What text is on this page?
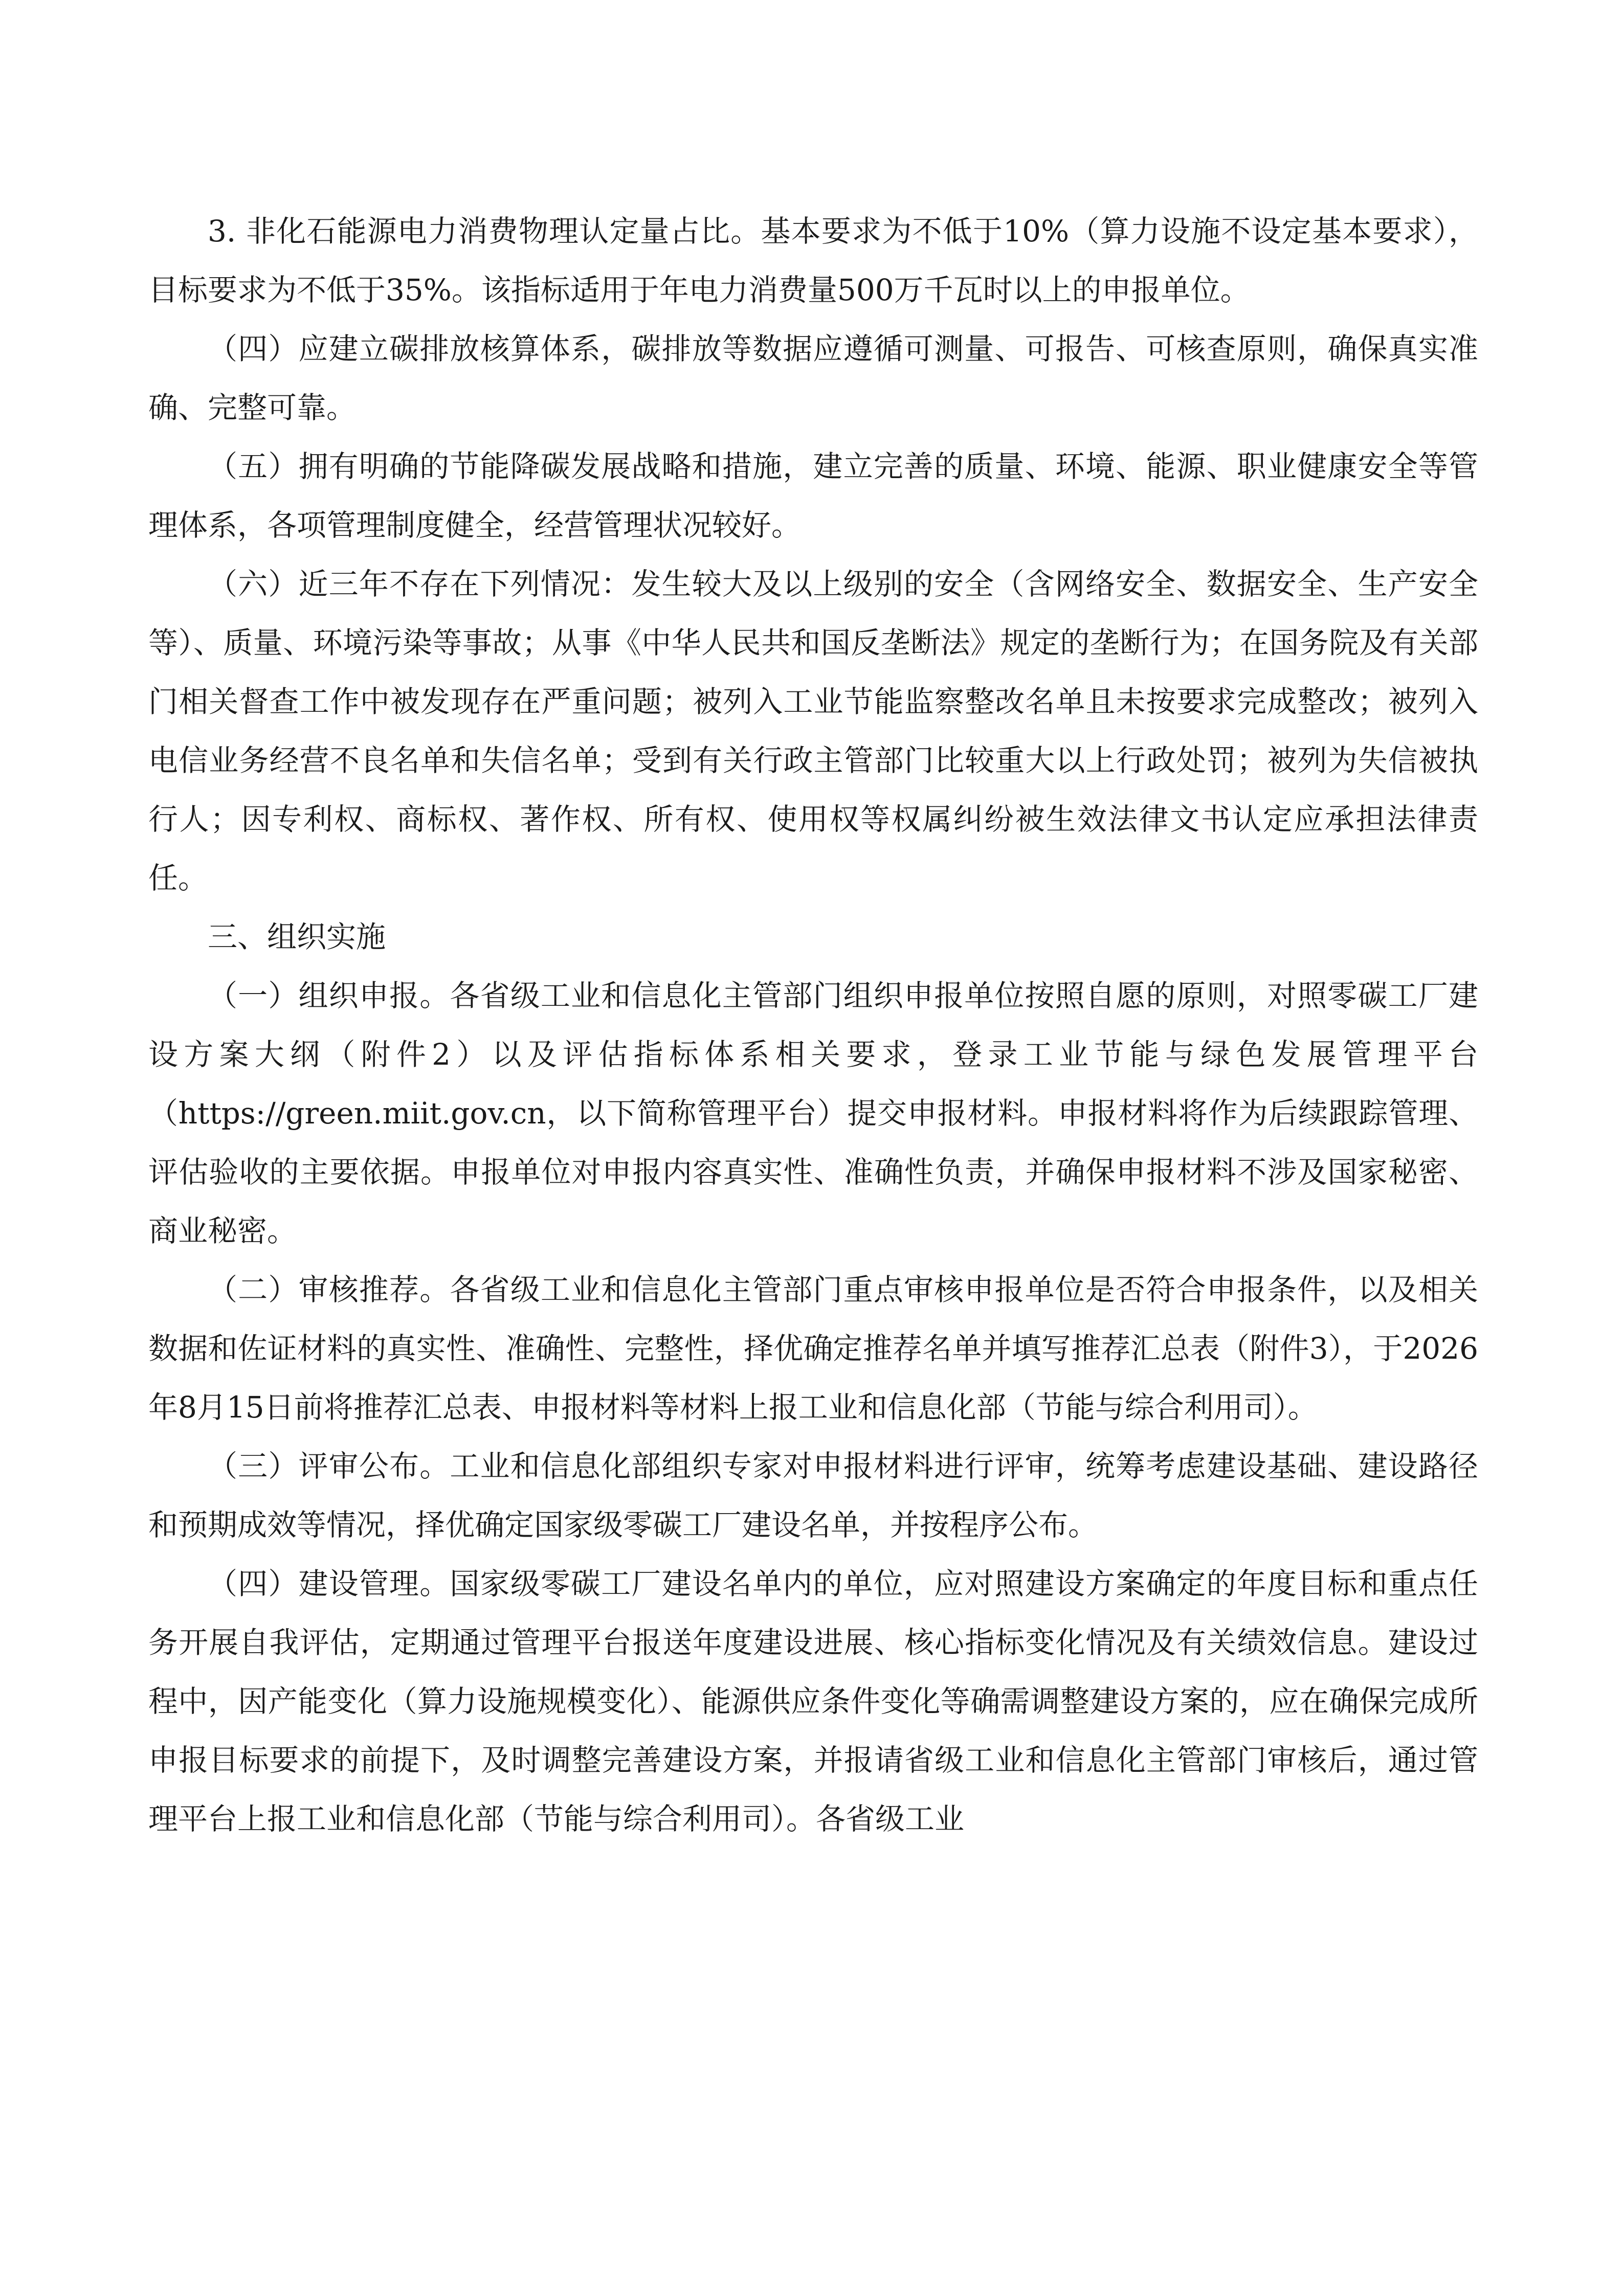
3. 非化石能源电力消费物理认定量占比。基本要求为不低于10%（算力设施不设定基本要求），目标要求为不低于35%。该指标适用于年电力消费量500万千瓦时以上的申报单位。

（四）应建立碳排放核算体系，碳排放等数据应遵循可测量、可报告、可核查原则，确保真实准确、完整可靠。

（五）拥有明确的节能降碳发展战略和措施，建立完善的质量、环境、能源、职业健康安全等管理体系，各项管理制度健全，经营管理状况较好。

（六）近三年不存在下列情况：发生较大及以上级别的安全（含网络安全、数据安全、生产安全等）、质量、环境污染等事故；从事《中华人民共和国反垄断法》规定的垄断行为；在国务院及有关部门相关督查工作中被发现存在严重问题；被列入工业节能监察整改名单且未按要求完成整改；被列入电信业务经营不良名单和失信名单；受到有关行政主管部门比较重大以上行政处罚；被列为失信被执行人；因专利权、商标权、著作权、所有权、使用权等权属纠纷被生效法律文书认定应承担法律责任。

三、组织实施

（一）组织申报。各省级工业和信息化主管部门组织申报单位按照自愿的原则，对照零碳工厂建设方案大纲（附件2）以及评估指标体系相关要求，登录工业节能与绿色发展管理平台（https://green.miit.gov.cn，以下简称管理平台）提交申报材料。申报材料将作为后续跟踪管理、评估验收的主要依据。申报单位对申报内容真实性、准确性负责，并确保申报材料不涉及国家秘密、商业秘密。

（二）审核推荐。各省级工业和信息化主管部门重点审核申报单位是否符合申报条件，以及相关数据和佐证材料的真实性、准确性、完整性，择优确定推荐名单并填写推荐汇总表（附件3），于2026年8月15日前将推荐汇总表、申报材料等材料上报工业和信息化部（节能与综合利用司）。

（三）评审公布。工业和信息化部组织专家对申报材料进行评审，统筹考虑建设基础、建设路径和预期成效等情况，择优确定国家级零碳工厂建设名单，并按程序公布。

（四）建设管理。国家级零碳工厂建设名单内的单位，应对照建设方案确定的年度目标和重点任务开展自我评估，定期通过管理平台报送年度建设进展、核心指标变化情况及有关绩效信息。建设过程中，因产能变化（算力设施规模变化）、能源供应条件变化等确需调整建设方案的，应在确保完成所申报目标要求的前提下，及时调整完善建设方案，并报请省级工业和信息化主管部门审核后，通过管理平台上报工业和信息化部（节能与综合利用司）。各省级工业
